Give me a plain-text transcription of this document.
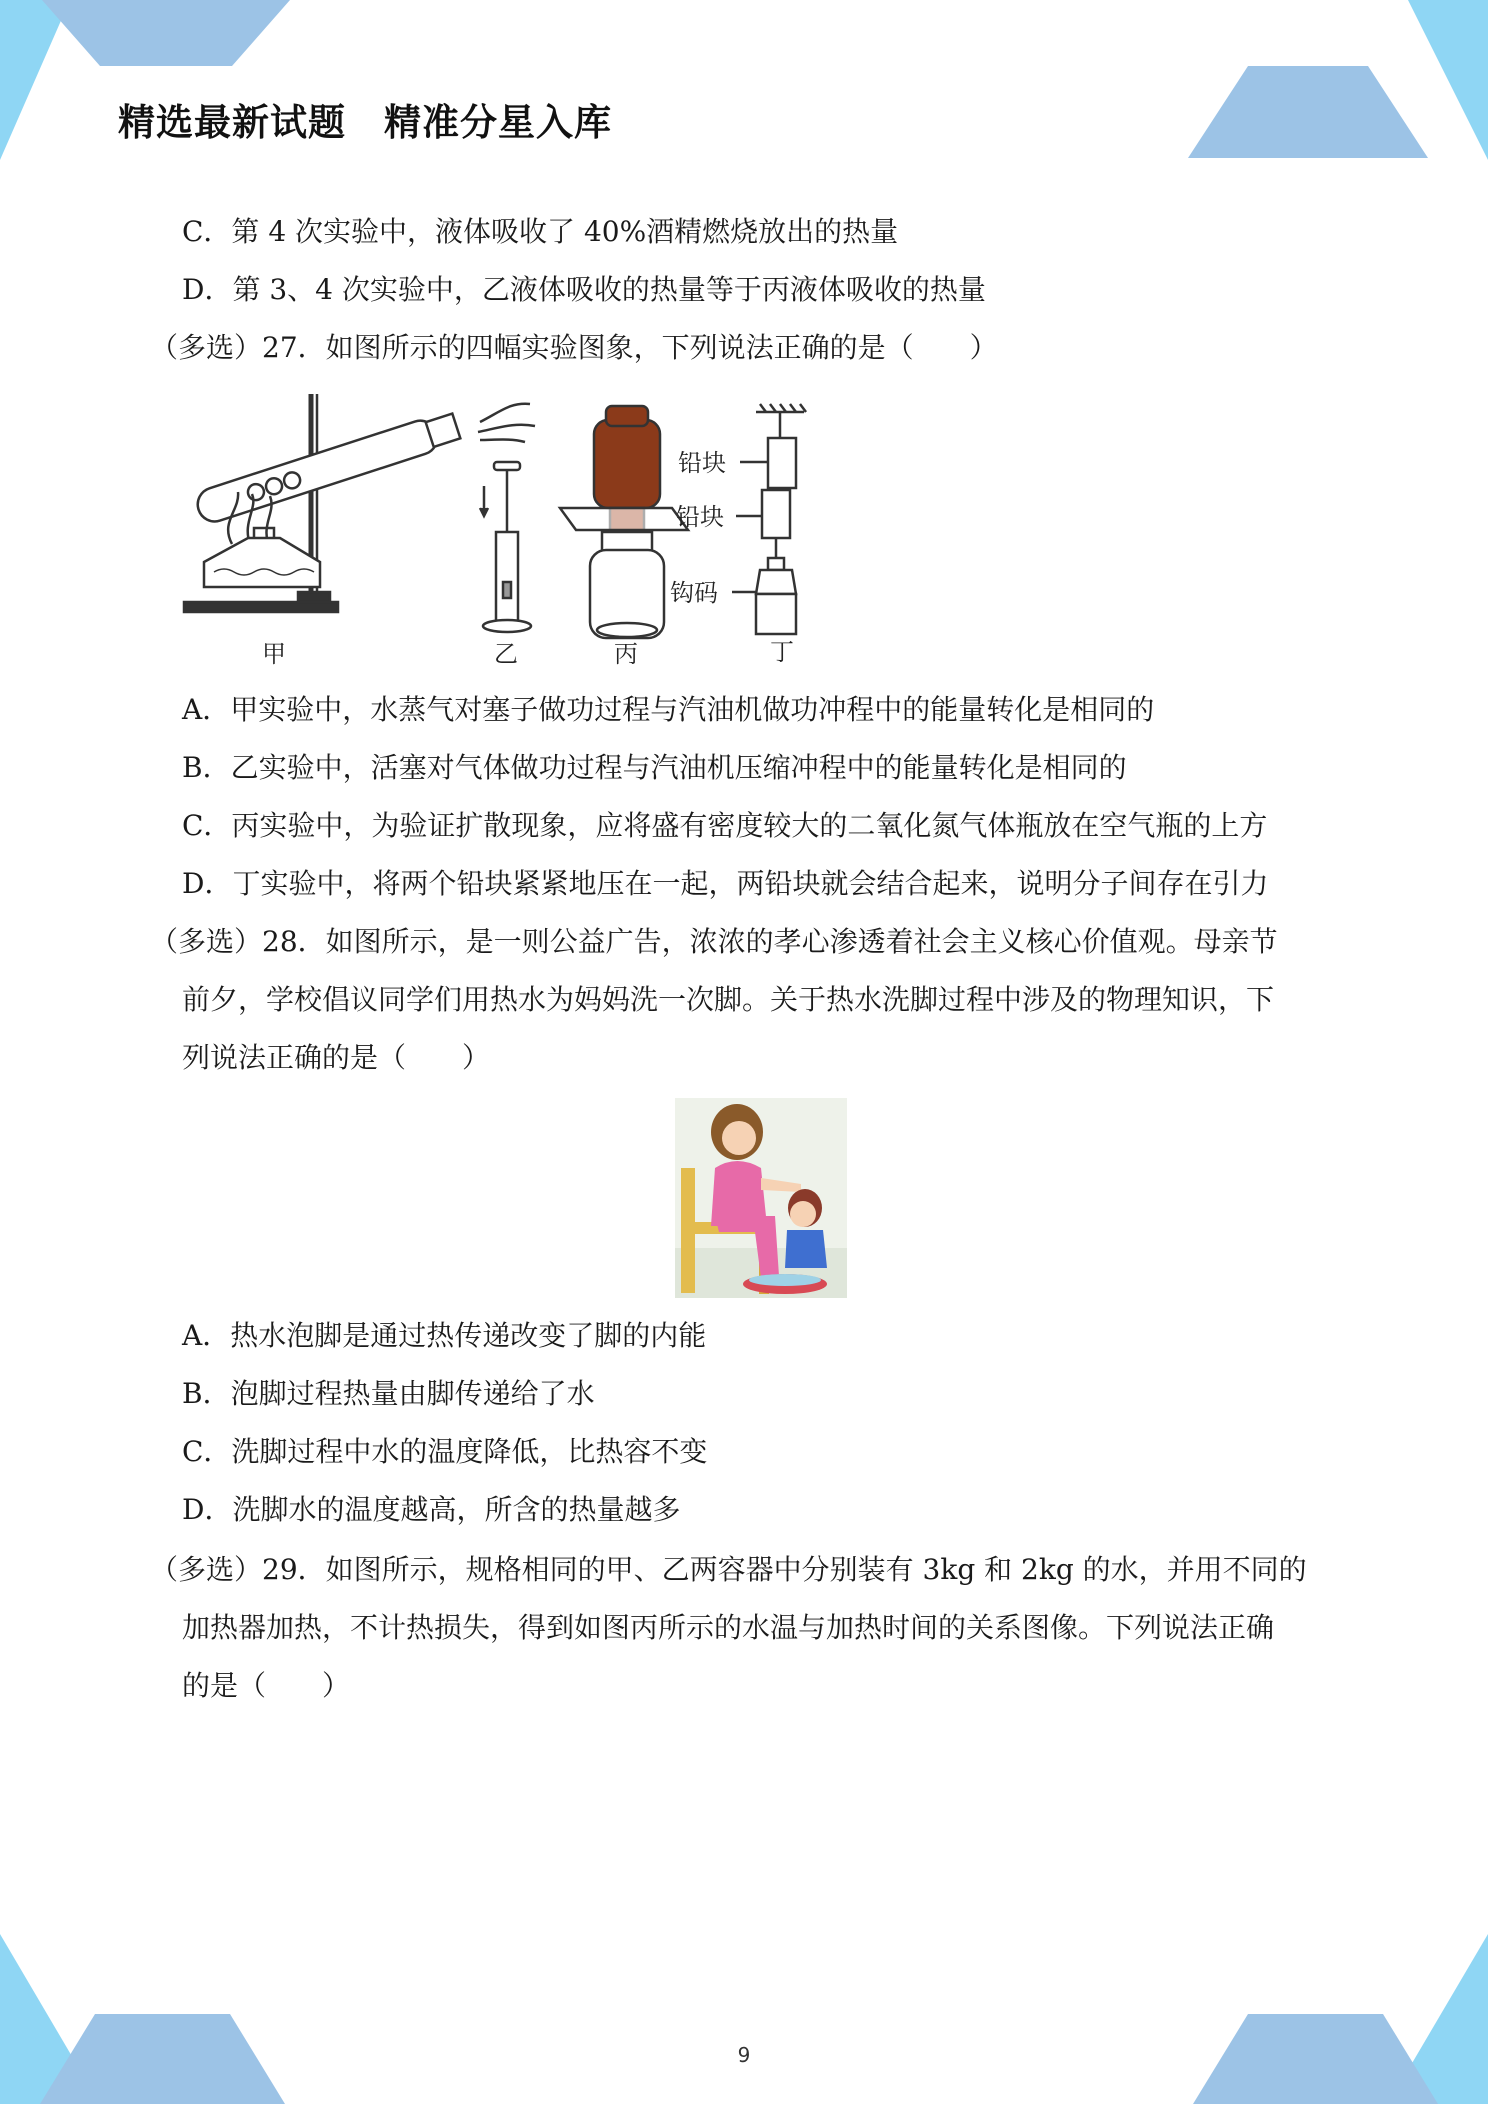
精选最新试题　精准分星入库
C．第 4 次实验中，液体吸收了 40%酒精燃烧放出的热量
D．第 3、4 次实验中，乙液体吸收的热量等于丙液体吸收的热量
（多选）27．如图所示的四幅实验图象，下列说法正确的是（　　）
甲	乙	丙
铅块
铅块
钩码
丁
A．甲实验中，水蒸气对塞子做功过程与汽油机做功冲程中的能量转化是相同的
B．乙实验中，活塞对气体做功过程与汽油机压缩冲程中的能量转化是相同的
C．丙实验中，为验证扩散现象，应将盛有密度较大的二氧化氮气体瓶放在空气瓶的上方
D．丁实验中，将两个铅块紧紧地压在一起，两铅块就会结合起来，说明分子间存在引力
（多选）28．如图所示，是一则公益广告，浓浓的孝心渗透着社会主义核心价值观。母亲节
前夕，学校倡议同学们用热水为妈妈洗一次脚。关于热水洗脚过程中涉及的物理知识，下
列说法正确的是（　　）
A．热水泡脚是通过热传递改变了脚的内能
B．泡脚过程热量由脚传递给了水
C．洗脚过程中水的温度降低，比热容不变
D．洗脚水的温度越高，所含的热量越多
（多选）29．如图所示，规格相同的甲、乙两容器中分别装有 3kg 和 2kg 的水，并用不同的
加热器加热，不计热损失，得到如图丙所示的水温与加热时间的关系图像。下列说法正确
的是（　　）
9
